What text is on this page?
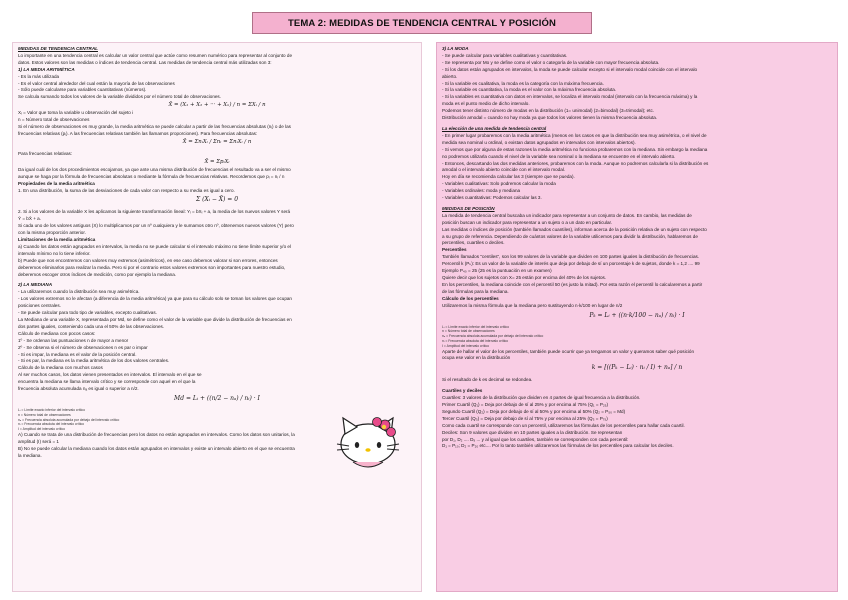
TEMA 2: MEDIDAS DE TENDENCIA CENTRAL Y POSICIÓN
MEDIDAS DE TENDENCIA CENTRAL
Lo importante en una tendencia central es calcular un valor central que actúe como resumen numérico para representar al conjunto de
datos. Estos valores son las medidas o índices de tendencia central. Las medidas de tendencia central más utilizadas son 3:
1) LA MEDIA ARITMÉTICA
- Es la más utilizada
- Es el valor central alrededor del cual están la mayoría de las observaciones
- Sólo puede calcularse para variables cuantitativas (números).
Se calcula sumando todos los valores de la variable divididos por el número total de observaciones.
X̄ = (X₁ + X₂ + ··· + Xₙ) / n = ΣXᵢ / n
Xᵢ = Valor que toma la variable u observación del sujeto i
n = Número total de observaciones
Si el número de observaciones es muy grande, la media aritmética se puede calcular a partir de las frecuencias absolutas (nᵢ) o de las
frecuencias relativas (pᵢ). A las frecuencias relativas también las llamamos proporciones). Para frecuencias absolutas:
X̄ = ΣnᵢXᵢ / Σnᵢ = ΣnᵢXᵢ / n
Para frecuencias relativas:
X̄ = ΣpᵢXᵢ
Da igual cuál de los dos procedimientos escojamos, ya que ante una misma distribución de frecuencias el resultado va a ser el mismo
aunque se haga por la fórmula de frecuencias absolutas o mediante la fórmula de frecuencias relativas. Recordemos que pᵢ = nᵢ / n
Propiedades de la media aritmética
1. En una distribución, la suma de las desviaciones de cada valor con respecto a su media es igual a cero.
Σ (Xᵢ − X̄) = 0
2. Si a los valores de la variable X les aplicamos la siguiente transformación lineal: Yᵢ = bXᵢ + a, la media de los nuevos valores Y será
Ȳ = bX̄ + a.
Si cada uno de los valores antiguos (X) lo multiplicamos por un nº cualquiera y le sumamos otro nº, obtenemos nuevos valores (Y) pero
con la misma proporción anterior.
Limitaciones de la media aritmética
a) Cuando los datos están agrupados en intervalos, la media no se puede calcular si el intervalo máximo no tiene límite superior y/o el
intervalo mínimo no lo tiene inferior.
b) Puede que nos encontremos con valores muy extremos (asimétricos), en ese caso debemos valorar si son errores, entonces
deberemos eliminarlos para realizar la media. Pero si por el contrario estos valores extremos son importantes para nuestro estudio,
deberemos escoger otros índices de medición, como por ejemplo la mediana.
2) LA MEDIANA
- La utilizaremos cuando la distribución sea muy asimétrica.
- Los valores extremos no le afectan (a diferencia de la media aritmética) ya que para su cálculo solo se toman los valores que ocupan
posiciones centrales.
- Se puede calcular para todo tipo de variables, excepto cualitativas.
La Mediana de una variable X, representada por Md, se define como el valor de la variable que divide la distribución de frecuencias en
dos partes iguales, conteniendo cada una el 50% de las observaciones.
Cálculo de mediana con pocos casos:
1º - Se ordenan las puntuaciones n de mayor a menor
2º - Se observa si el número de observaciones n es par o impar
- Si es impar, la mediana es el valor de la posición central.
- Si es par, la mediana es la media aritmética de los dos valores centrales.
Cálculo de la mediana con muchos casos
Al ser muchos casos, los datos vienen presentados en intervalos. El intervalo en el que se
encuentra la mediana se llama intervalo crítico y se corresponde con aquel en el que la
frecuencia absoluta acumulada nₐ es igual o superior a n/2.
Md = Lᵢ + ((n/2 − nₐ) / nᵢ) · I
Lᵢ = Límite exacto inferior del intervalo crítico
n = Número total de observaciones
nₐ = Frecuencia absoluta acumulada por debajo del intervalo crítico
nᵢ = Frecuencia absoluta del intervalo crítico
I = Amplitud del intervalo crítico
A) Cuando se trata de una distribución de frecuencias pero los datos no están agrupados en intervalos. Como los datos son unitarios, la
amplitud (I) será = 1
B) No se puede calcular la mediana cuando los datos están agrupados en intervalos y existe un intervalo abierto en el que se encuentra
la mediana.
3) LA MODA
- Se puede calcular para variables cualitativas y cuantitativas.
- Se representa por Mo y se define como el valor o categoría de la variable con mayor frecuencia absoluta.
- Si los datos están agrupados en intervalos, la moda se puede calcular excepto si el intervalo modal coincide con el intervalo
abierto.
- Si la variable es cualitativa, la moda es la categoría con la máxima frecuencia.
- Si la variable es cuantitativa, la moda es el valor con la máxima frecuencia absoluta.
- Si la variables es cuantitativa con datos en intervalos, se localiza el intervalo modal (intervalo con la frecuencia máxima) y la
moda es el punto medio de dicho intervalo.
Podemos tener distinto número de modas en la distribución (1= unimodal) (2=bimodal) (3=trimodal); etc.
Distribución amodal = cuando no hay moda ya que todos los valores tienen la misma frecuencia absoluta.
La elección de una medida de tendencia central
- En primer lugar probaremos con la media aritmética (menos en los casos en que la distribución sea muy asimétrica, o el nivel de
medida sea nominal u ordinal, o existan datos agrupados en intervalos con intervalos abiertos).
- Si vemos que por alguna de estas razones la media aritmética no funciona probaremos con la mediana. Sin embargo la mediana
no podremos utilizarla cuando el nivel de la variable sea nominal o la mediana se encuentre en el intervalo abierto.
- Entonces, descartando las dos medidas anteriores, probaremos con la moda. Aunque no podremos calcularla si la distribución es
amodal o el intervalo abierto coincide con el intervalo modal.
Hoy en día se recomienda calcular las 3 (siempre que se pueda).
- Variables cualitativas: Solo podremos calcular la moda
- Variables ordinales: moda y mediana
- Variables cuantitativas: Podemos calcular las 3.
MEDIDAS DE POSICIÓN
La medida de tendencia central buscaba un indicador para representar a un conjunto de datos. En cambio, las medidas de
posición buscan un indicador para representar a un sujeto o a un dato en particular.
Las medidas o índices de posición (también llamados cuantiles), informan acerca de la posición relativa de un sujeto con respecto
a su grupo de referencia. Dependiendo de cuántos valores de la variable utilicemos para dividir la distribución, hablaremos de
percentiles, cuartiles o deciles.
Percentiles
También llamados "centiles", son los 99 valores de la variable que dividen en 100 partes iguales la distribución de frecuencias.
Percentil k (Pₖ): Es un valor de la variable de interés que deja por debajo de sí un porcentaje k de sujetos, donde k = 1,2 .... 99
Ejemplo P₄₀ = 25 (25 es la puntuación en un examen)
Quiere decir que los sujetos con X= 25 están por encima del 40% de los sujetos.
En los percentiles, la mediana coincide con el percentil 50 (es justo la mitad). Por esta razón el percentil lo calcularemos a partir
de las fórmulas para la mediana.
Cálculo de los percentiles
Utilizaremos la misma fórmula que la mediana pero sustituyendo n·k/100 en lugar de n/2
Pₖ = Lᵢ + ((n·k/100 − nₐ) / nᵢ) · I
Lᵢ = Límite exacto inferior del intervalo crítico
n = Número total de observaciones
nₐ = Frecuencia absoluta acumulada por debajo del intervalo crítico
nᵢ = Frecuencia absoluta del intervalo crítico
I = Amplitud del intervalo crítico
Aparte de hallar el valor de los percentiles, también puede ocurrir que ya tengamos un valor y queramos saber qué posición
ocupa ese valor en la distribución
k = [((Pₖ − Lᵢ) · nᵢ / I) + nₐ] / n
Si el resultado de k es decimal se redondea.
Cuartiles y deciles
Cuartiles: 3 valores de la distribución que dividen en 4 partes de igual frecuencia a la distribución.
Primer Cuartil (Q₁) = Deja por debajo de sí al 25% y por encima al 75% (Q₁ = P₂₅)
Segundo Cuartil (Q₂) = Deja por debajo de sí al 50% y por encima al 50% (Q₂ = P₅₀ = Md)
Tercer Cuartil (Q₃) = Deja por debajo de sí al 75% y por encima al 25% (Q₃ = P₇₅)
Como cada cuartil se corresponde con un percentil, utilizaremos las fórmulas de los percentiles para hallar cada cuartil.
Deciles: Son 9 valores que dividen en 10 partes iguales a la distribución. Se representan
por D₁, D₂ .... D₉ ... y al igual que los cuartiles, también se corresponden con cada percentil:
D₁ = P₁₀; D₂ = P₂₀ etc.... Por lo tanto también utilizaremos las fórmulas de los percentiles para calcular los deciles.
